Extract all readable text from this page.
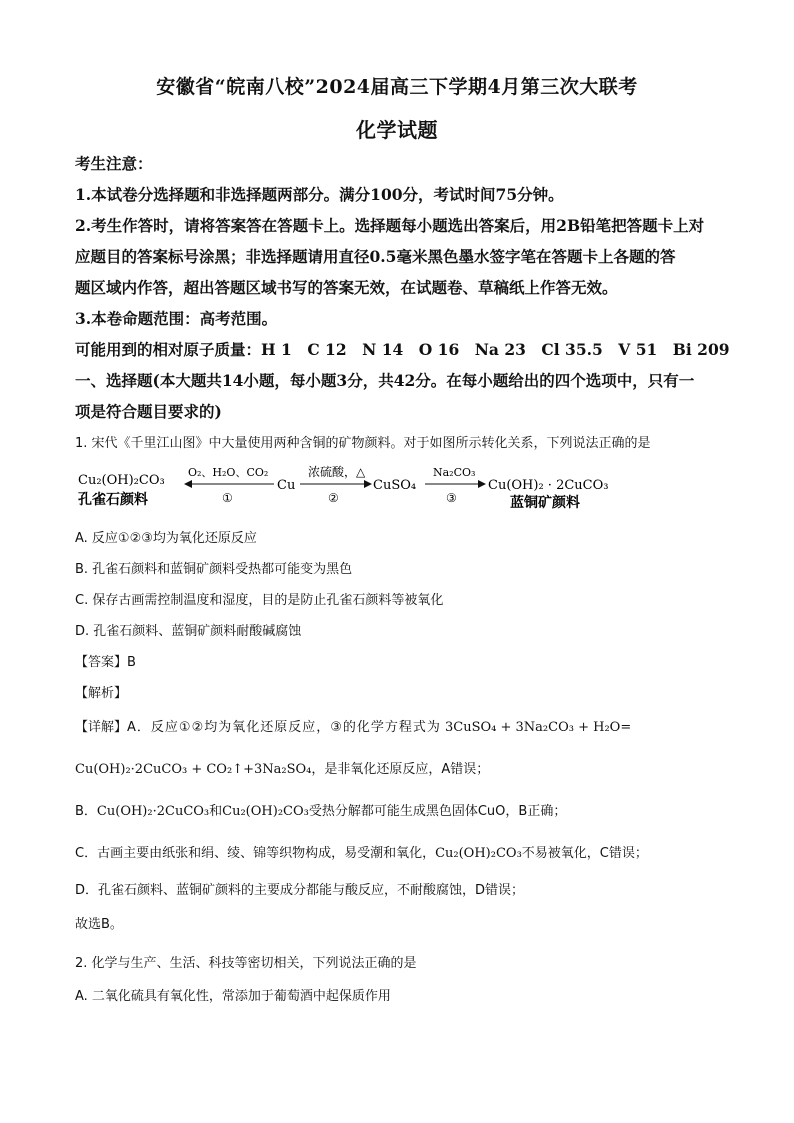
安徽省“皖南八校”2024届高三下学期4月第三次大联考
化学试题
考生注意：
1.本试卷分选择题和非选择题两部分。满分100分，考试时间75分钟。
2.考生作答时，请将答案答在答题卡上。选择题每小题选出答案后，用2B铅笔把答题卡上对
应题目的答案标号涂黑；非选择题请用直径0.5毫米黑色墨水签字笔在答题卡上各题的答
题区域内作答，超出答题区域书写的答案无效，在试题卷、草稿纸上作答无效。
3.本卷命题范围：高考范围。
可能用到的相对原子质量：H 1　C 12　N 14　O 16　Na 23　Cl 35.5　V 51　Bi 209
一、选择题(本大题共14小题，每小题3分，共42分。在每小题给出的四个选项中，只有一
项是符合题目要求的)
1. 宋代《千里江山图》中大量使用两种含铜的矿物颜料。对于如图所示转化关系，下列说法正确的是
Cu₂(OH)₂CO₃
孔雀石颜料
O₂、H₂O、CO₂
①
Cu
浓硫酸，△
②
CuSO₄
Na₂CO₃
③
Cu(OH)₂ · 2CuCO₃
蓝铜矿颜料
A. 反应①②③均为氧化还原反应
B. 孔雀石颜料和蓝铜矿颜料受热都可能变为黑色
C. 保存古画需控制温度和湿度，目的是防止孔雀石颜料等被氧化
D. 孔雀石颜料、蓝铜矿颜料耐酸碱腐蚀
【答案】B
【解析】
【详解】A．反应①②均为氧化还原反应，③的化学方程式为 3CuSO₄ + 3Na₂CO₃ + H₂O=
Cu(OH)₂·2CuCO₃ + CO₂↑+3Na₂SO₄，是非氧化还原反应，A错误；
B．Cu(OH)₂·2CuCO₃和Cu₂(OH)₂CO₃受热分解都可能生成黑色固体CuO，B正确；
C．古画主要由纸张和绢、绫、锦等织物构成，易受潮和氧化，Cu₂(OH)₂CO₃不易被氧化，C错误；
D．孔雀石颜料、蓝铜矿颜料的主要成分都能与酸反应，不耐酸腐蚀，D错误；
故选B。
2. 化学与生产、生活、科技等密切相关，下列说法正确的是
A. 二氧化硫具有氧化性，常添加于葡萄酒中起保质作用
